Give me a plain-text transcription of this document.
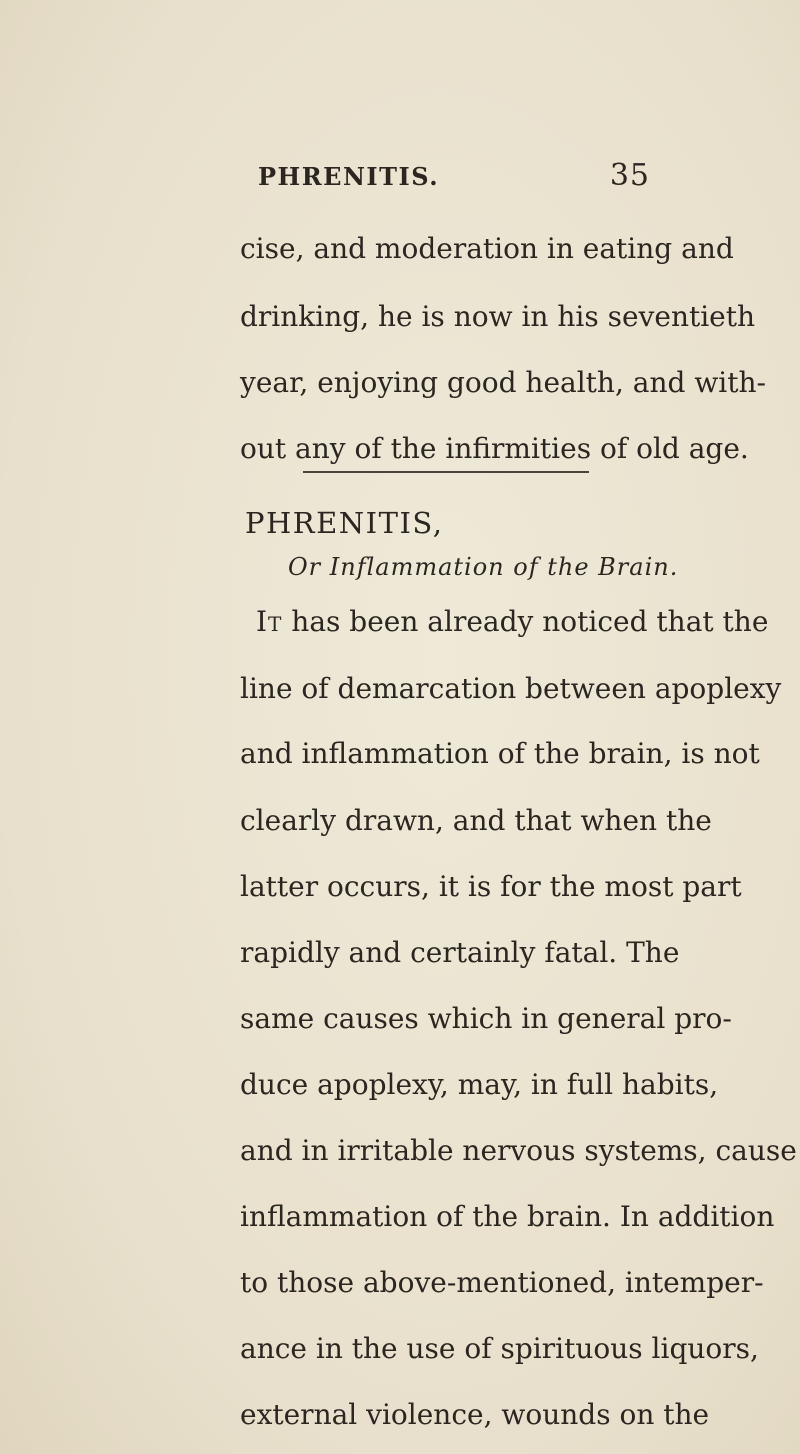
PHRENITIS.	35
cise, and moderation in eating and
drinking, he is now in his seventieth
year, enjoying good health, and with-
out any of the infirmities of old age.
PHRENITIS,
Or Inflammation of the Brain.
It has been already noticed that the
line of demarcation between apoplexy
and inflammation of the brain, is not
clearly drawn, and that when the
latter occurs, it is for the most part
rapidly and certainly fatal. The
same causes which in general pro-
duce apoplexy, may, in full habits,
and in irritable nervous systems, cause
inflammation of the brain. In addition
to those above-mentioned, intemper-
ance in the use of spirituous liquors,
external violence, wounds on the
